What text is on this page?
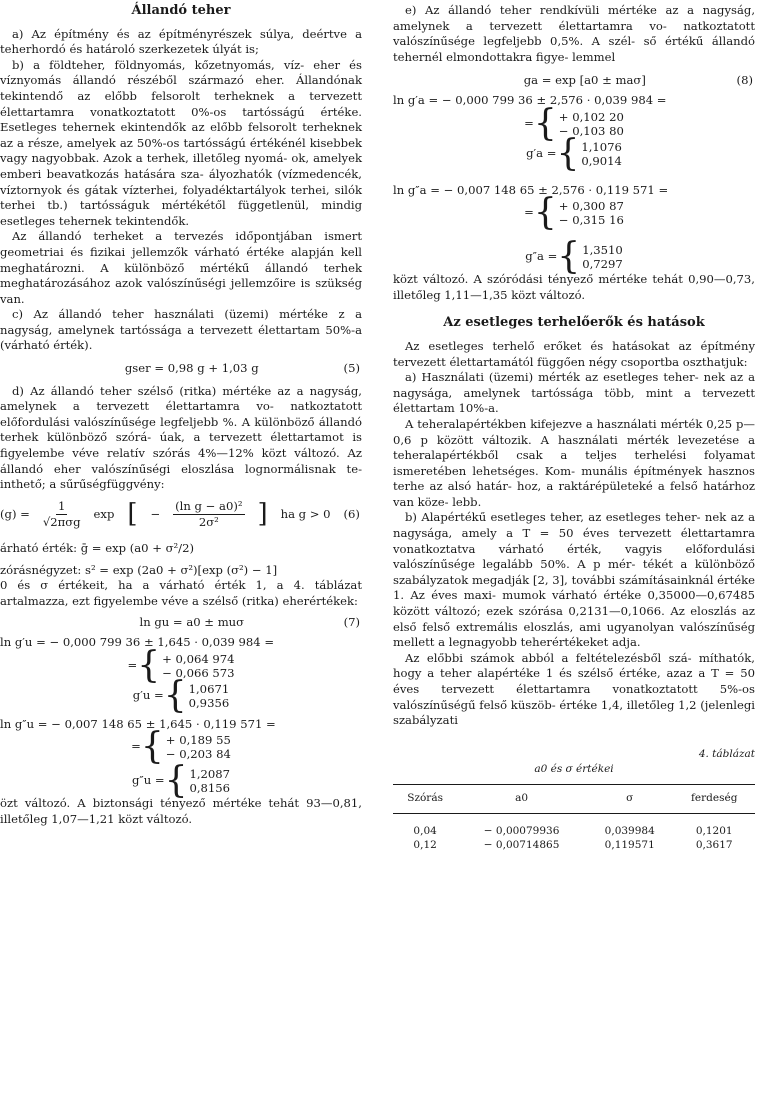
Állandó teher

a) Az építmény és az építményrészek súlya, deértve a teherhordó és határoló szerkezetek úlyát is;

b) a földteher, földnyomás, kőzetnyomás, víz- eher és víznyomás állandó részéből származó eher. Állandónak tekintendő az előbb felsorolt terheknek a tervezett élettartamra vonatkoztatott 0%-os tartósságú értéke. Esetleges tehernek ekintendők az előbb felsorolt terheknek az a része, amelyek az 50%-os tartósságú értékénél kisebbek vagy nagyobbak. Azok a terhek, illetőleg nyomá- ok, amelyek emberi beavatkozás hatására sza- ályozhatók (vízmedencék, víztornyok és gátak vízterhei, folyadéktartályok terhei, silók terhei tb.) tartósságuk mértékétől függetlenül, mindig esetleges tehernek tekintendők.

Az állandó terheket a tervezés időpontjában ismert geometriai és fizikai jellemzők várható értéke alapján kell meghatározni. A különböző mértékű állandó terhek meghatározásához azok valószínűségi jellemzőire is szükség van.

c) Az állandó teher használati (üzemi) mértéke z a nagyság, amelynek tartóssága a tervezett élettartam 50%-a (várható érték).

gser = 0,98 g + 1,03 g	(5)

d) Az állandó teher szélső (ritka) mértéke az a nagyság, amelynek a tervezett élettartamra vo- natkoztatott előfordulási valószínűsége legfeljebb %. A különböző állandó terhek különböző szórá- úak, a tervezett élettartamot is figyelembe véve relatív szórás 4%—12% közt változó. Az állandó eher valószínűségi eloszlása lognormálisnak te- inthető; a sűrűségfüggvény:

$(g) = \frac{1}{\text{√2πσg}}$ exp [ − $\frac{\text{(ln g − a0)²}}{\text{2σ²}}$ ] ha g > 0 (6)

árható érték: ḡ = exp (a0 + σ²/2)

zórásnégyzet: s² = exp (2a0 + σ²)[exp (σ²) − 1]

0 és σ értékeit, ha a várható érték 1, a 4. táblázat artalmazza, ezt figyelembe véve a szélső (ritka) eherértékek:

ln gu = a0 ± muσ	(7)

ln g′u = − 0,000 799 36 ± 1,645 · 0,039 984 =

= { + 0,064 974
− 0,066 573
g′u = { 1,0671
0,9356

ln g″u = − 0,007 148 65 ± 1,645 · 0,119 571 =

= { + 0,189 55
− 0,203 84
g″u = { 1,2087
0,8156

özt változó. A biztonsági tényező mértéke tehát 93—0,81, illetőleg 1,07—1,21 közt változó.

e) Az állandó teher rendkívüli mértéke az a nagyság, amelynek a tervezett élettartamra vo- natkoztatott valószínűsége legfeljebb 0,5%. A szél- ső értékű állandó tehernél elmondottakra figye- lemmel

ga = exp [a0 ± maσ]	(8)

ln g′a = − 0,000 799 36 ± 2,576 · 0,039 984 =

= { + 0,102 20
− 0,103 80
g′a = { 1,1076
0,9014

ln g″a = − 0,007 148 65 ± 2,576 · 0,119 571 =

= { + 0,300 87
− 0,315 16
g″a = { 1,3510
0,7297

közt változó. A szóródási tényező mértéke tehát 0,90—0,73, illetőleg 1,11—1,35 közt változó.

Az esetleges terhelőerők és hatások

Az esetleges terhelő erőket és hatásokat az építmény tervezett élettartamától függően négy csoportba oszthatjuk:

a) Használati (üzemi) mérték az esetleges teher- nek az a nagysága, amelynek tartóssága több, mint a tervezett élettartam 10%-a.

A teheralapértékben kifejezve a használati mérték 0,25 p—0,6 p között változik. A használati mérték levezetése a teheralapértékből csak a teljes terhelési folyamat ismeretében lehetséges. Kom- munális építmények hasznos terhe az alsó határ- hoz, a raktárépületeké a felső határhoz van köze- lebb.

b) Alapértékű esetleges teher, az esetleges teher- nek az a nagysága, amely a T = 50 éves tervezett élettartamra vonatkoztatva várható érték, vagyis előfordulási valószínűsége legalább 50%. A p mér- tékét a különböző szabályzatok megadják [2, 3], további számításainknál értéke 1. Az éves maxi- mumok várható értéke 0,35000—0,67485 között változó; ezek szórása 0,2131—0,1066. Az eloszlás az első felső extremális eloszlás, ami ugyanolyan valószínűség mellett a legnagyobb teherértékeket adja.

Az előbbi számok abból a feltételezésből szá- míthatók, hogy a teher alapértéke 1 és szélső értéke, azaz a T = 50 éves tervezett élettartamra vonatkoztatott 5%-os valószínűségű felső küszöb- értéke 1,4, illetőleg 1,2 (jelenlegi szabályzati

4. táblázat
a0 és σ értékei
Szórás	a0	σ	ferdeség

0,04	− 0,00079936	0,039984	0,1201
0,12	− 0,00714865	0,119571	0,3617
